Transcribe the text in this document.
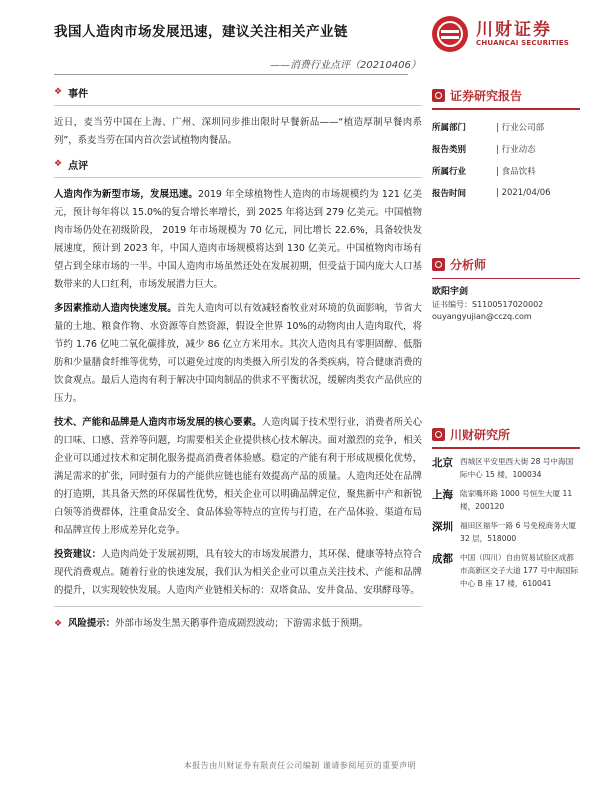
我国人造肉市场发展迅速，建议关注相关产业链
——消费行业点评（20210406）
川财证券
CHUANCAI SECURITIES
❖ 事件

近日，麦当劳中国在上海、广州、深圳同步推出限时早餐新品——“植造厚制早餐肉系列”，系麦当劳在国内首次尝试植物肉餐品。

❖ 点评

人造肉作为新型市场，发展迅速。2019 年全球植物性人造肉的市场规模约为 121 亿美元，预计每年将以 15.0%的复合增长率增长，到 2025 年将达到 279 亿美元。中国植物肉市场仍处在初级阶段， 2019 年市场规模为 70 亿元，同比增长 22.6%，具备较快发展速度，预计到 2023 年，中国人造肉市场规模将达到 130 亿美元。中国植物肉市场有望占到全球市场的一半。中国人造肉市场虽然还处在发展初期，但受益于国内庞大人口基数带来的人口红利，市场发展潜力巨大。

多因素推动人造肉快速发展。首先人造肉可以有效减轻畜牧业对环境的负面影响，节省大量的土地、粮食作物、水资源等自然资源，假设全世界 10%的动物肉由人造肉取代，将节约 1.76 亿吨二氧化碳排放，减少 86 亿立方米用水。其次人造肉具有零胆固醇、低脂肪和少量膳食纤维等优势，可以避免过度的肉类摄入所引发的各类疾病，符合健康消费的饮食观点。最后人造肉有利于解决中国肉制品的供求不平衡状况，缓解肉类农产品供应的压力。

技术、产能和品牌是人造肉市场发展的核心要素。人造肉属于技术型行业，消费者所关心的口味、口感、营养等问题，均需要相关企业提供核心技术解决。面对激烈的竞争，相关企业可以通过技术和定制化服务提高消费者体验感。稳定的产能有利于形成规模化优势，满足需求的扩张，同时强有力的产能供应链也能有效提高产品的质量。人造肉还处在品牌的打造期，其具备天然的环保属性优势，相关企业可以明确品牌定位，聚焦新中产和新锐白领等消费群体，注重食品安全、食品体验等特点的宣传与打造，在产品体验、渠道布局和品牌宣传上形成差异化竞争。

投资建议：人造肉尚处于发展初期，具有较大的市场发展潜力，其环保、健康等特点符合现代消费观点。随着行业的快速发展，我们认为相关企业可以重点关注技术、产能和品牌的提升，以实现较快发展。人造肉产业链相关标的：双塔食品、安井食品、安琪酵母等。

❖ 风险提示：外部市场发生黑天鹅事件造成剧烈波动；下游需求低于预期。

证券研究报告
所属部门	| 行业公司部
报告类别	| 行业动态
所属行业	| 食品饮料
报告时间	| 2021/04/06
分析师
欧阳宇剑
证书编号：S1100517020002
ouyangyujian@cczq.com
川财研究所
北京 西城区平安里西大街 28 号中海国际中心 15 楼，100034
上海 陆家嘴环路 1000 号恒生大厦 11 楼，200120
深圳 福田区福华一路 6 号免税商务大厦 32 层，518000
成都 中国（四川）自由贸易试验区成都市高新区交子大道 177 号中海国际中心 B 座 17 楼，610041
本报告由川财证券有限责任公司编制 谨请参阅尾页的重要声明
